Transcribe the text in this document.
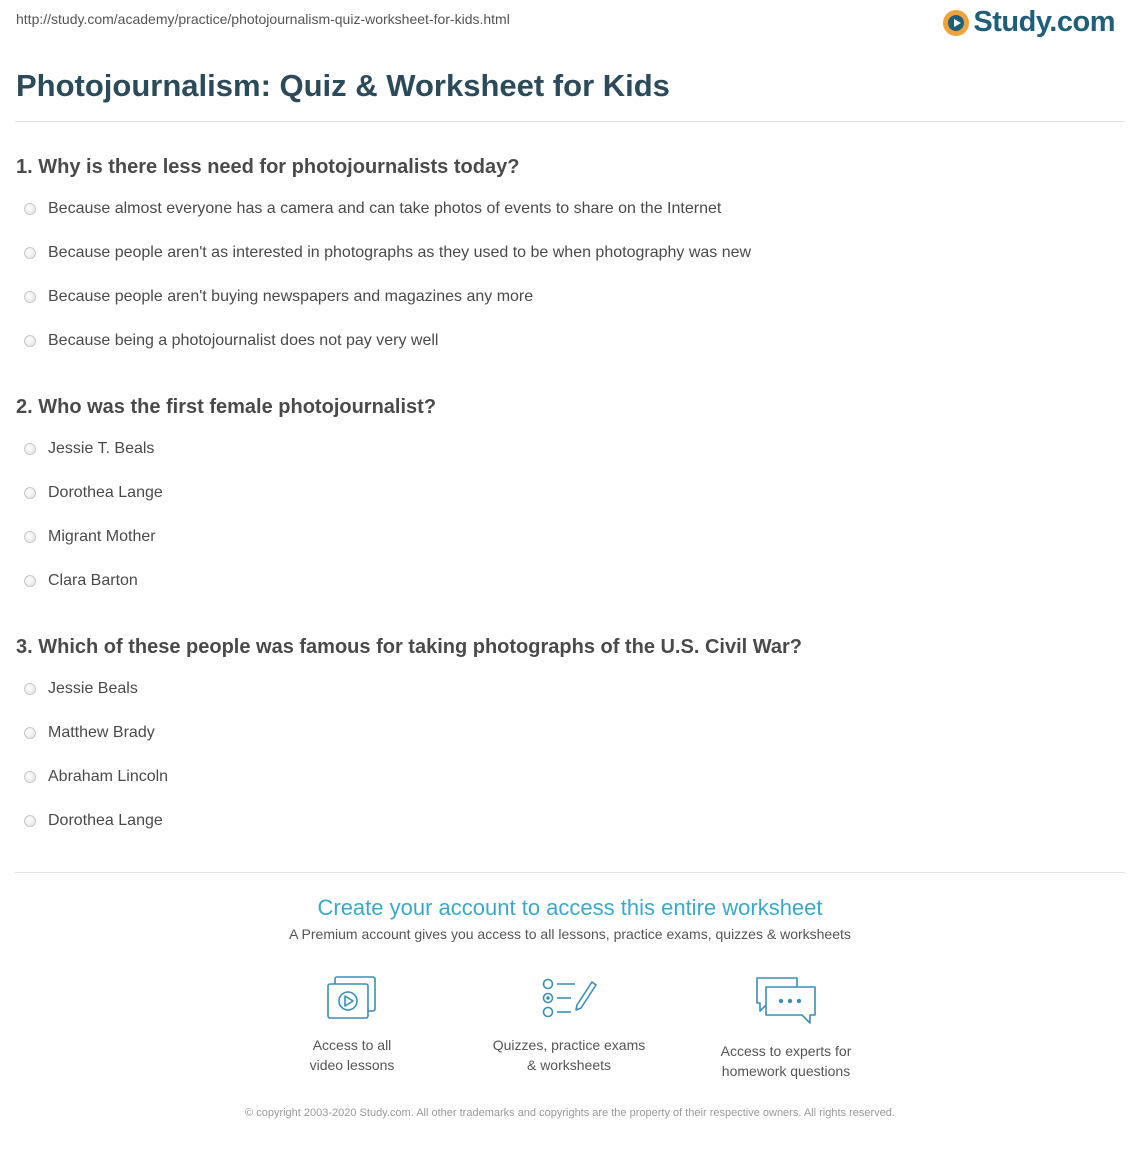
http://study.com/academy/practice/photojournalism-quiz-worksheet-for-kids.html	Study.com
Photojournalism: Quiz & Worksheet for Kids
1. Why is there less need for photojournalists today?
Because almost everyone has a camera and can take photos of events to share on the Internet
Because people aren't as interested in photographs as they used to be when photography was new
Because people aren't buying newspapers and magazines any more
Because being a photojournalist does not pay very well
2. Who was the first female photojournalist?
Jessie T. Beals
Dorothea Lange
Migrant Mother
Clara Barton
3. Which of these people was famous for taking photographs of the U.S. Civil War?
Jessie Beals
Matthew Brady
Abraham Lincoln
Dorothea Lange
Create your account to access this entire worksheet
A Premium account gives you access to all lessons, practice exams, quizzes & worksheets
Access to all
video lessons
Quizzes, practice exams
& worksheets
Access to experts for
homework questions
© copyright 2003-2020 Study.com. All other trademarks and copyrights are the property of their respective owners. All rights reserved.
